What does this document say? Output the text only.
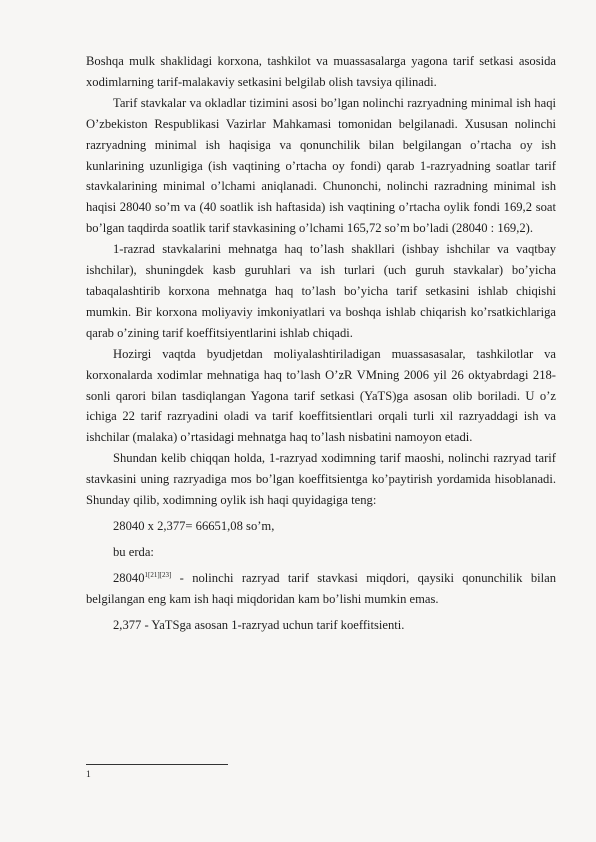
Boshqa mulk shaklidagi korxona, tashkilot va muassasalarga yagona tarif setkasi asosida xodimlarning tarif-malakaviy setkasini belgilab olish tavsiya qilinadi.

Tarif stavkalar va okladlar tizimini asosi bo’lgan nolinchi razryadning minimal ish haqi O’zbekiston Respublikasi Vazirlar Mahkamasi tomonidan belgilanadi. Xususan nolinchi razryadning minimal ish haqisiga va qonunchilik bilan belgilangan o’rtacha oy ish kunlarining uzunligiga (ish vaqtining o’rtacha oy fondi) qarab 1-razryadning soatlar tarif stavkalarining minimal o’lchami aniqlanadi. Chunonchi, nolinchi razradning minimal ish haqisi 28040 so’m va (40 soatlik ish haftasida) ish vaqtining o’rtacha oylik fondi 169,2 soat bo’lgan taqdirda soatlik tarif stavkasining o’lchami 165,72 so’m bo’ladi (28040 : 169,2).

1-razrad stavkalarini mehnatga haq to’lash shakllari (ishbay ishchilar va vaqtbay ishchilar), shuningdek kasb guruhlari va ish turlari (uch guruh stavkalar) bo’yicha tabaqalashtirib korxona mehnatga haq to’lash bo’yicha tarif setkasini ishlab chiqishi mumkin. Bir korxona moliyaviy imkoniyatlari va boshqa ishlab chiqarish ko’rsatkichlariga qarab o’zining tarif koeffitsiyentlarini ishlab chiqadi.

Hozirgi vaqtda byudjetdan moliyalashtiriladigan muassasasalar, tashkilotlar va korxonalarda xodimlar mehnatiga haq to’lash O’zR VMning 2006 yil 26 oktyabrdagi 218-sonli qarori bilan tasdiqlangan Yagona tarif setkasi (YaTS)ga asosan olib boriladi. U o’z ichiga 22 tarif razryadini oladi va tarif koeffitsientlari orqali turli xil razryaddagi ish va ishchilar (malaka) o’rtasidagi mehnatga haq to’lash nisbatini namoyon etadi.

Shundan kelib chiqqan holda, 1-razryad xodimning tarif maoshi, nolinchi razryad tarif stavkasini uning razryadiga mos bo’lgan koeffitsientga ko’paytirish yordamida hisoblanadi. Shunday qilib, xodimning oylik ish haqi quyidagiga teng:

28040 x 2,377= 66651,08 so’m,

bu erda:

$28040^{1[21][23]}$ - nolinchi razryad tarif stavkasi miqdori, qaysiki qonunchilik bilan belgilangan eng kam ish haqi miqdoridan kam bo’lishi mumkin emas.

2,377 - YaTSga asosan 1-razryad uchun tarif koeffitsienti.

1
